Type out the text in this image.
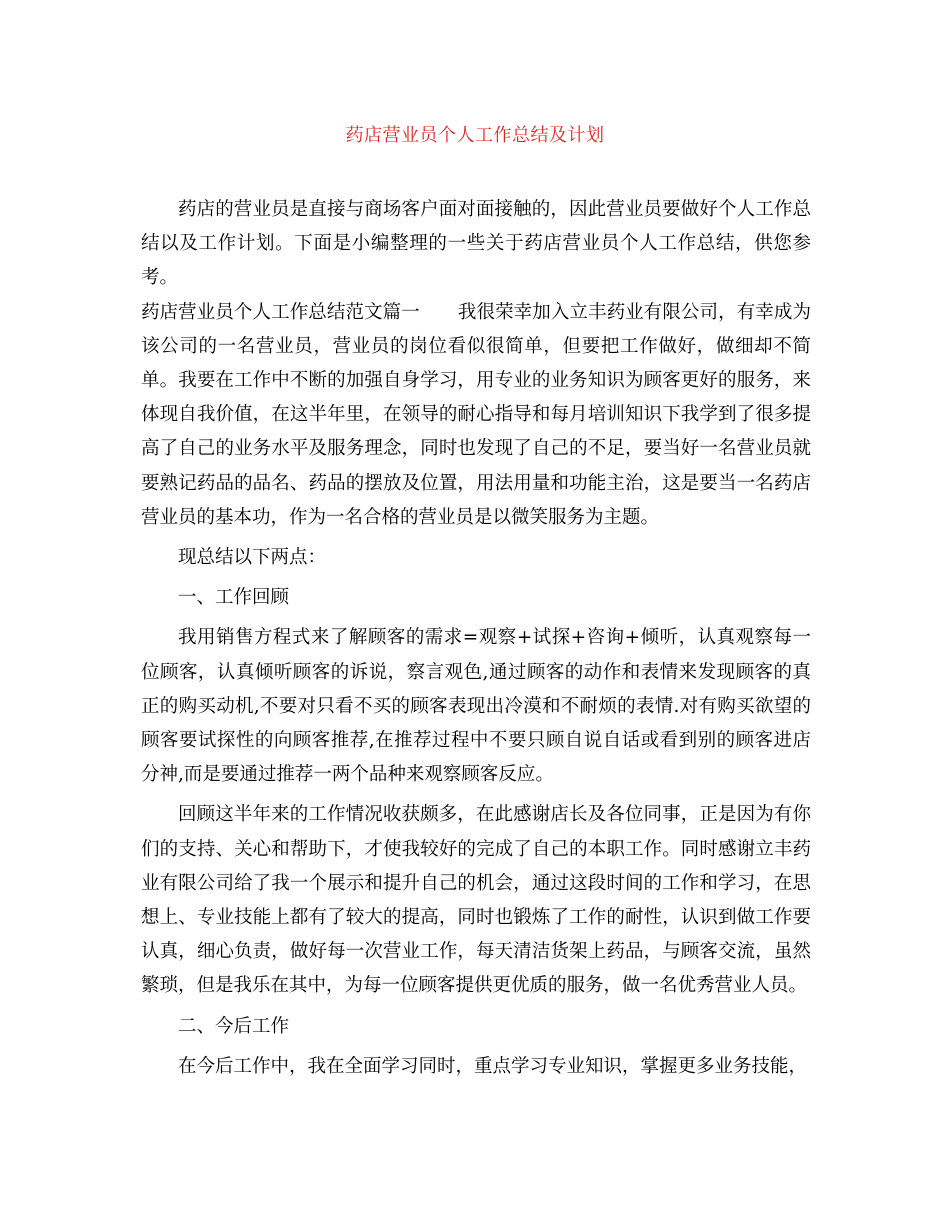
药店营业员个人工作总结及计划

药店的营业员是直接与商场客户面对面接触的，因此营业员要做好个人工作总结以及工作计划。下面是小编整理的一些关于药店营业员个人工作总结，供您参考。

药店营业员个人工作总结范文篇一 我很荣幸加入立丰药业有限公司，有幸成为该公司的一名营业员，营业员的岗位看似很简单，但要把工作做好，做细却不简单。我要在工作中不断的加强自身学习，用专业的业务知识为顾客更好的服务，来体现自我价值，在这半年里，在领导的耐心指导和每月培训知识下我学到了很多提高了自己的业务水平及服务理念，同时也发现了自己的不足，要当好一名营业员就要熟记药品的品名、药品的摆放及位置，用法用量和功能主治，这是要当一名药店营业员的基本功，作为一名合格的营业员是以微笑服务为主题。

现总结以下两点：

一、工作回顾

我用销售方程式来了解顾客的需求=观察+试探+咨询+倾听，认真观察每一位顾客，认真倾听顾客的诉说，察言观色,通过顾客的动作和表情来发现顾客的真正的购买动机,不要对只看不买的顾客表现出冷漠和不耐烦的表情.对有购买欲望的顾客要试探性的向顾客推荐,在推荐过程中不要只顾自说自话或看到别的顾客进店分神,而是要通过推荐一两个品种来观察顾客反应。

回顾这半年来的工作情况收获颇多，在此感谢店长及各位同事，正是因为有你们的支持、关心和帮助下，才使我较好的完成了自己的本职工作。同时感谢立丰药业有限公司给了我一个展示和提升自己的机会，通过这段时间的工作和学习，在思想上、专业技能上都有了较大的提高，同时也锻炼了工作的耐性，认识到做工作要认真，细心负责，做好每一次营业工作，每天清洁货架上药品，与顾客交流，虽然繁琐，但是我乐在其中，为每一位顾客提供更优质的服务，做一名优秀营业人员。

二、今后工作

在今后工作中，我在全面学习同时，重点学习专业知识，掌握更多业务技能，
